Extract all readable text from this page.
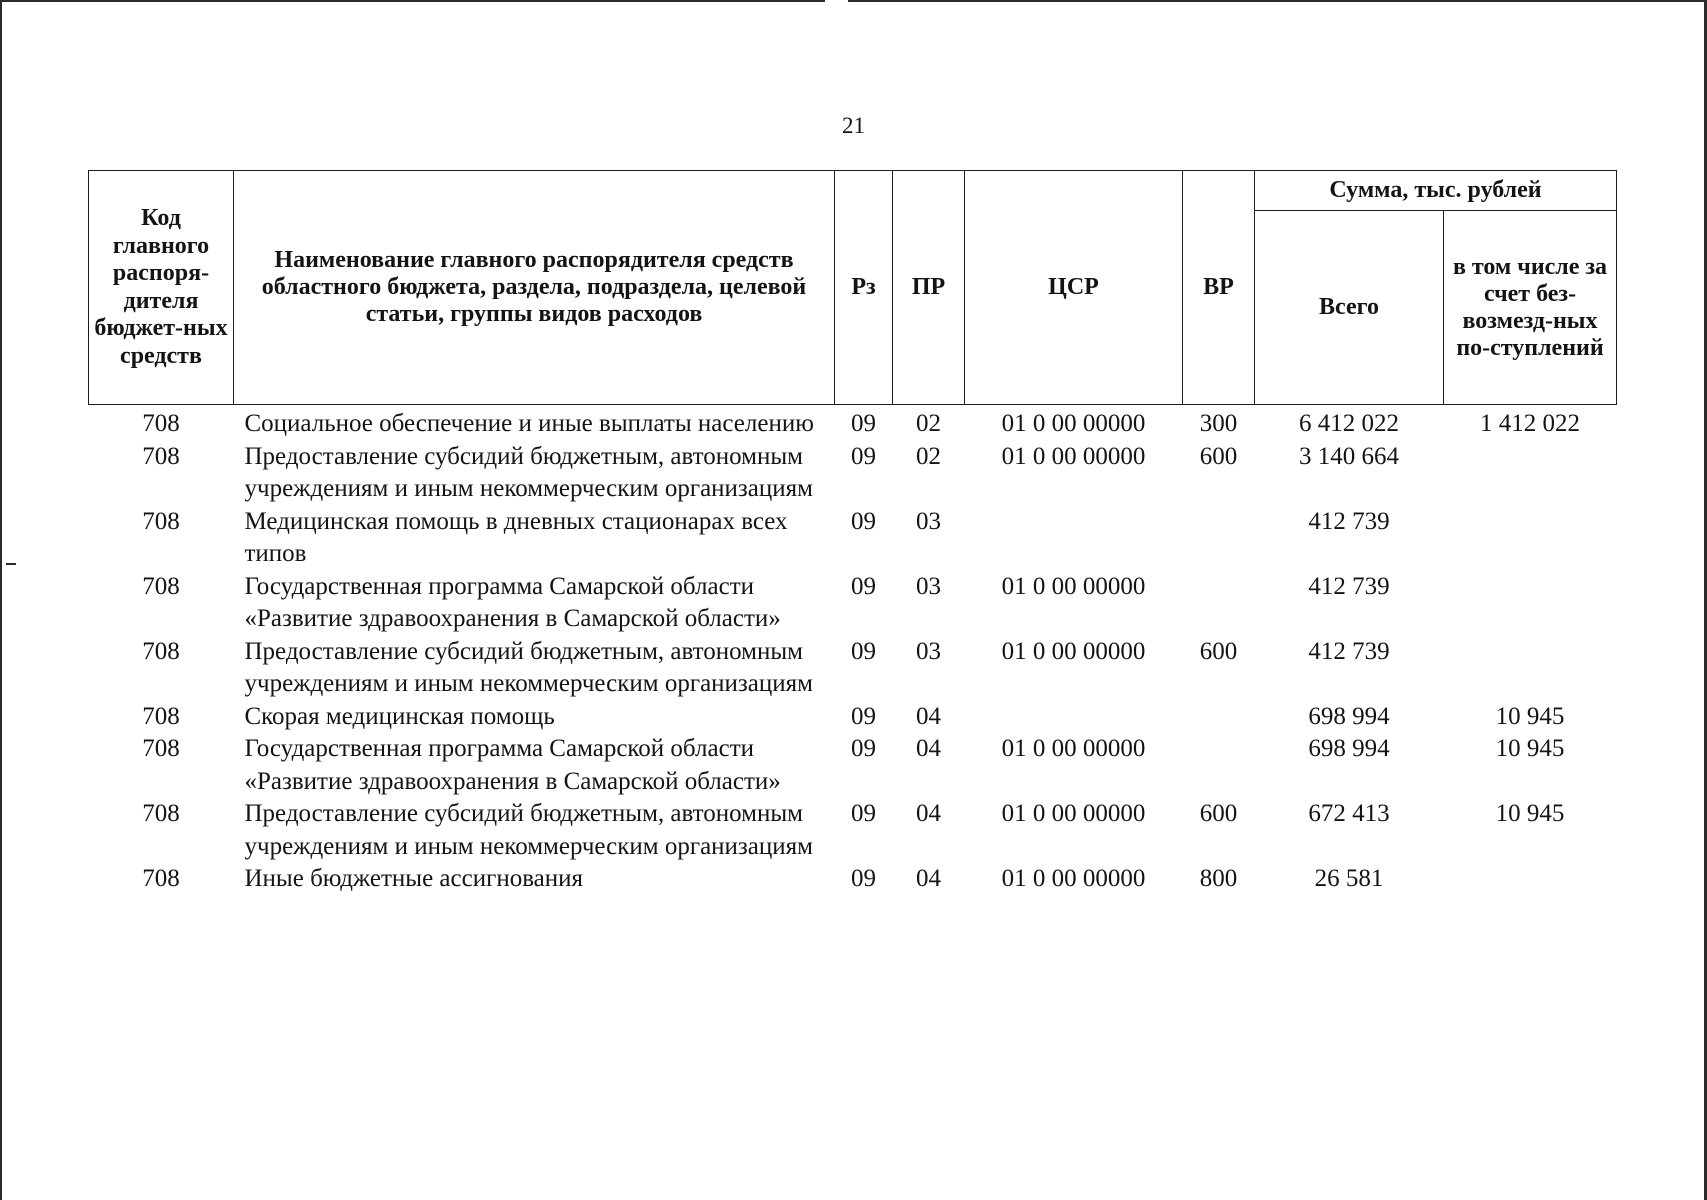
21
Код главного распоря-дителя бюджет-ных средств	Наименование главного распорядителя средств областного бюджета, раздела, подраздела, целевой статьи, группы видов расходов	Рз	ПР	ЦСР	ВР	Сумма, тыс. рублей	
						Всего	в том числе за счет без-возмезд-ных по-ступлений
708	Социальное обеспечение и иные выплаты населению	09	02	01 0 00 00000	300	6 412 022	1 412 022
708	Предоставление субсидий бюджетным, автономным учреждениям и иным некоммерческим организациям	09	02	01 0 00 00000	600	3 140 664	
708	Медицинская помощь в дневных стационарах всех типов	09	03			412 739	
708	Государственная программа Самарской области «Развитие здравоохранения в Самарской области»	09	03	01 0 00 00000		412 739	
708	Предоставление субсидий бюджетным, автономным учреждениям и иным некоммерческим организациям	09	03	01 0 00 00000	600	412 739	
708	Скорая медицинская помощь	09	04			698 994	10 945
708	Государственная программа Самарской области «Развитие здравоохранения в Самарской области»	09	04	01 0 00 00000		698 994	10 945
708	Предоставление субсидий бюджетным, автономным учреждениям и иным некоммерческим организациям	09	04	01 0 00 00000	600	672 413	10 945
708	Иные бюджетные ассигнования	09	04	01 0 00 00000	800	26 581	
